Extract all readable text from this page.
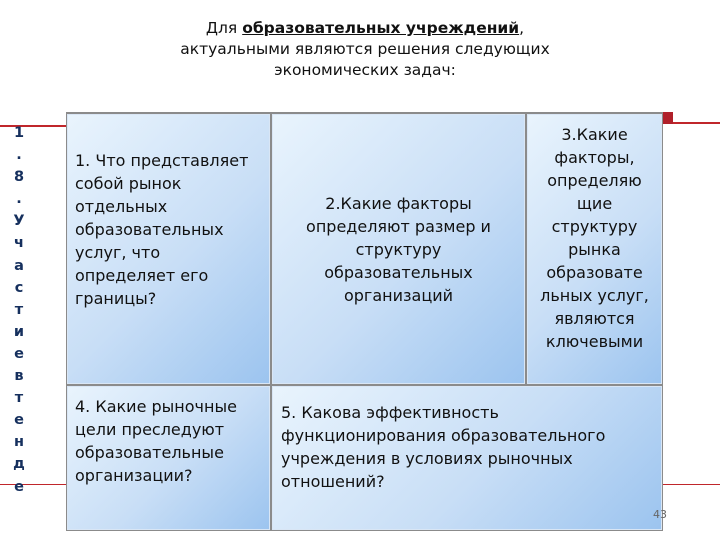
Для образовательных учреждений,
актуальными являются решения следующих
экономических задач:
1
.
8
.
У
ч
а
с
т
и
е
в
т
е
н
д
е
1. Что представляет собой рынок отдельных образовательных услуг, что определяет его границы?
2.Какие факторы определяют размер и структуру образовательных организаций
3.Какие факторы, определяю щие структуру рынка образовате льных услуг, являются ключевыми
4. Какие рыночные цели преследуют образовательные организации?
5. Какова эффективность функционирования образовательного учреждения в условиях рыночных отношений?
43
